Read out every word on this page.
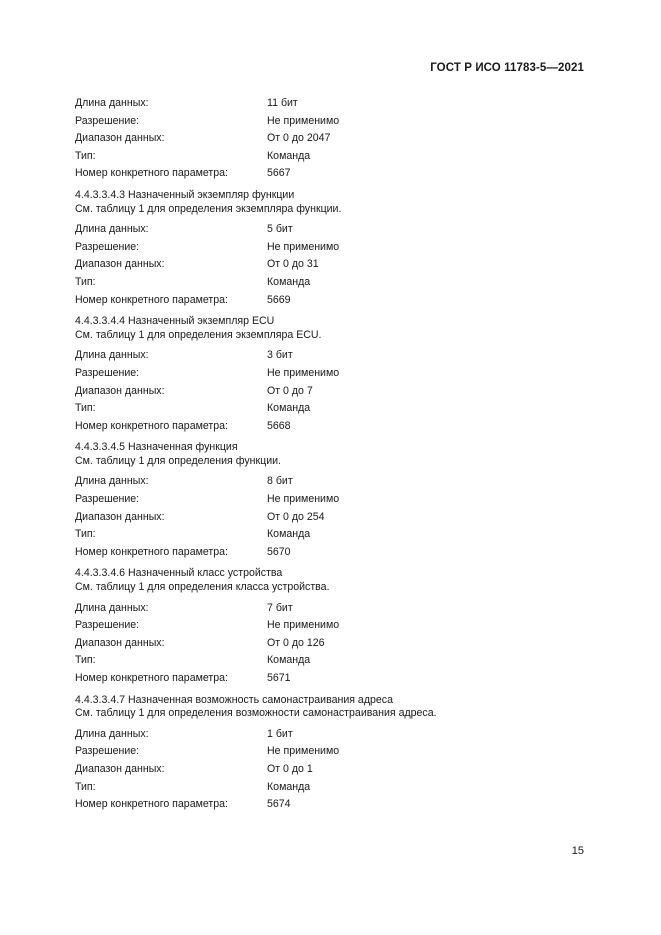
ГОСТ Р ИСО 11783-5—2021
Длина данных:	11 бит
Разрешение:	Не применимо
Диапазон данных:	От 0 до 2047
Тип:	Команда
Номер конкретного параметра:	5667
4.4.3.3.4.3 Назначенный экземпляр функции
См. таблицу 1 для определения экземпляра функции.
Длина данных:	5 бит
Разрешение:	Не применимо
Диапазон данных:	От 0 до 31
Тип:	Команда
Номер конкретного параметра:	5669
4.4.3.3.4.4 Назначенный экземпляр ECU
См. таблицу 1 для определения экземпляра ECU.
Длина данных:	3 бит
Разрешение:	Не применимо
Диапазон данных:	От 0 до 7
Тип:	Команда
Номер конкретного параметра:	5668
4.4.3.3.4.5 Назначенная функция
См. таблицу 1 для определения функции.
Длина данных:	8 бит
Разрешение:	Не применимо
Диапазон данных:	От 0 до 254
Тип:	Команда
Номер конкретного параметра:	5670
4.4.3.3.4.6 Назначенный класс устройства
См. таблицу 1 для определения класса устройства.
Длина данных:	7 бит
Разрешение:	Не применимо
Диапазон данных:	От 0 до 126
Тип:	Команда
Номер конкретного параметра:	5671
4.4.3.3.4.7 Назначенная возможность самонастраивания адреса
См. таблицу 1 для определения возможности самонастраивания адреса.
Длина данных:	1 бит
Разрешение:	Не применимо
Диапазон данных:	От 0 до 1
Тип:	Команда
Номер конкретного параметра:	5674
15
